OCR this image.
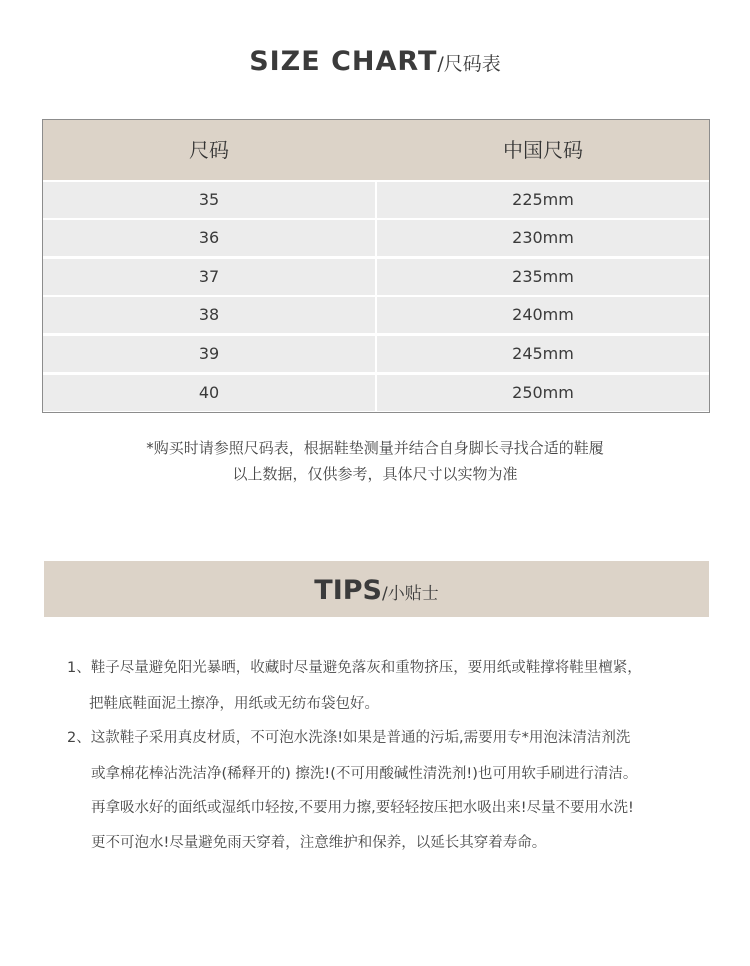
SIZE CHART/尺码表
尺码	中国尺码
35	225mm
36	230mm
37	235mm
38	240mm
39	245mm
40	250mm
*购买时请参照尺码表，根据鞋垫测量并结合自身脚长寻找合适的鞋履
以上数据，仅供参考，具体尺寸以实物为准
TIPS/小贴士
1、鞋子尽量避免阳光暴晒，收藏时尽量避免落灰和重物挤压，要用纸或鞋撑将鞋里檀紧，
把鞋底鞋面泥土擦净，用纸或无纺布袋包好。
2、这款鞋子采用真皮材质，不可泡水洗涤!如果是普通的污垢,需要用专*用泡沫清洁剂洗
或拿棉花棒沾洗洁净(稀释开的) 擦洗!(不可用酸碱性清洗剂!)也可用软手刷进行清洁。
再拿吸水好的面纸或湿纸巾轻按,不要用力擦,要轻轻按压把水吸出来!尽量不要用水洗!
更不可泡水!尽量避免雨天穿着，注意维护和保养，以延长其穿着寿命。
